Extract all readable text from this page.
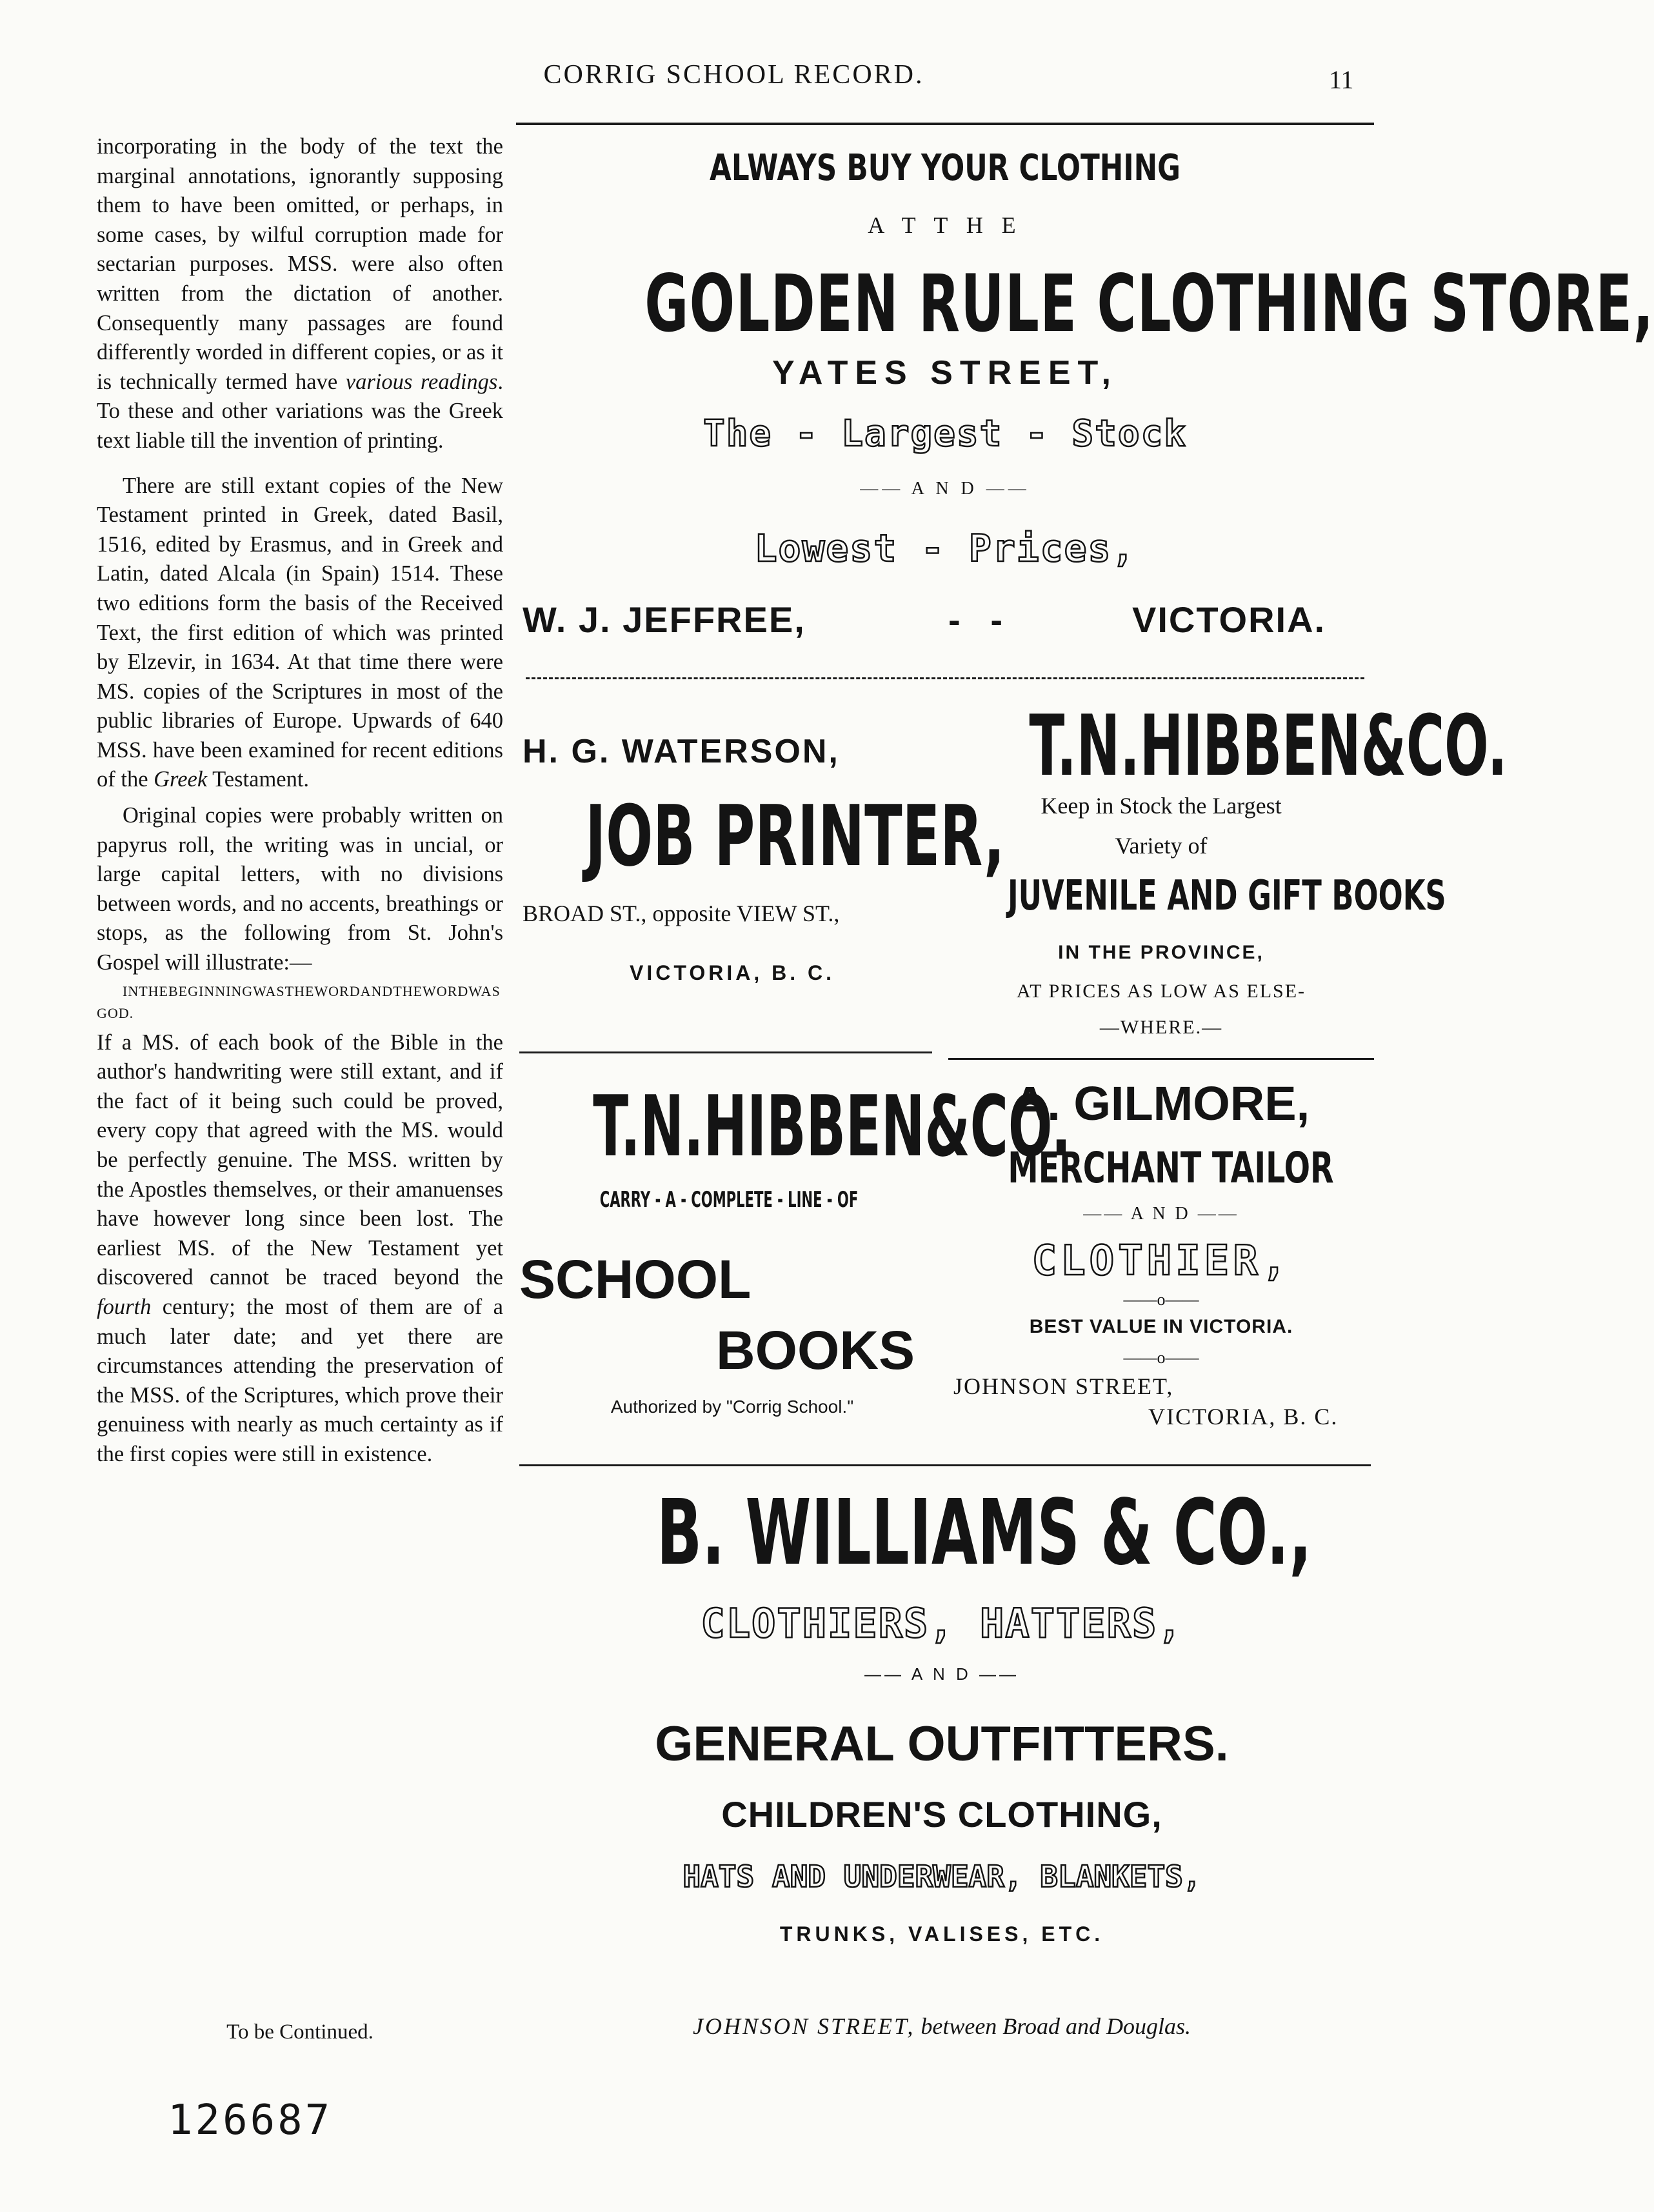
CORRIG SCHOOL RECORD.	11

incorporating in the body of the text the marginal annotations, ignorantly supposing them to have been omitted, or perhaps, in some cases, by wilful corruption made for sectarian purposes. MSS. were also often written from the dictation of another. Consequently many passages are found differently worded in different copies, or as it is technically termed have various readings. To these and other variations was the Greek text liable till the invention of printing.

There are still extant copies of the New Testament printed in Greek, dated Basil, 1516, edited by Erasmus, and in Greek and Latin, dated Alcala (in Spain) 1514. These two editions form the basis of the Received Text, the first edition of which was printed by Elzevir, in 1634. At that time there were MS. copies of the Scriptures in most of the public libraries of Europe. Upwards of 640 MSS. have been examined for recent editions of the Greek Testament.

Original copies were probably written on papyrus roll, the writing was in uncial, or large capital letters, with no divisions between words, and no accents, breathings or stops, as the following from St. John's Gospel will illustrate:—
INTHEBEGINNINGWASTHEWORDANDTHEWORDWASGOD.

If a MS. of each book of the Bible in the author's handwriting were still extant, and if the fact of it being such could be proved, every copy that agreed with the MS. would be perfectly genuine. The MSS. written by the Apostles themselves, or their amanuenses have however long since been lost. The earliest MS. of the New Testament yet discovered cannot be traced beyond the fourth century; the most of them are of a much later date; and yet there are circumstances attending the preservation of the MSS. of the Scriptures, which prove their genuiness with nearly as much certainty as if the first copies were still in existence.

To be Continued.
ALWAYS BUY YOUR CLOTHING
A T T H E
GOLDEN RULE CLOTHING STORE,
YATES STREET,
The - Largest - Stock
—— A N D ——
Lowest - Prices,
W. J. JEFFREE,	-   -	VICTORIA.
H. G. WATERSON,
JOB PRINTER,
BROAD ST., opposite VIEW ST.,
VICTORIA, B. C.
T.N.HIBBEN&CO.
Keep in Stock the Largest
Variety of
JUVENILE AND GIFT BOOKS
IN THE PROVINCE,
AT PRICES AS LOW AS ELSE-
—WHERE.—
T.N.HIBBEN&CO.
CARRY - A - COMPLETE - LINE - OF
SCHOOL
BOOKS
Authorized by "Corrig School."
A. GILMORE,
MERCHANT TAILOR
—— A N D ——
CLOTHIER,
——o——
BEST VALUE IN VICTORIA.
——o——
JOHNSON STREET,
VICTORIA, B. C.
B. WILLIAMS & CO.,
CLOTHIERS, HATTERS,
—— A N D ——
GENERAL OUTFITTERS.
CHILDREN'S CLOTHING,
HATS AND UNDERWEAR, BLANKETS,
TRUNKS, VALISES, ETC.
JOHNSON STREET, between Broad and Douglas.
126687
